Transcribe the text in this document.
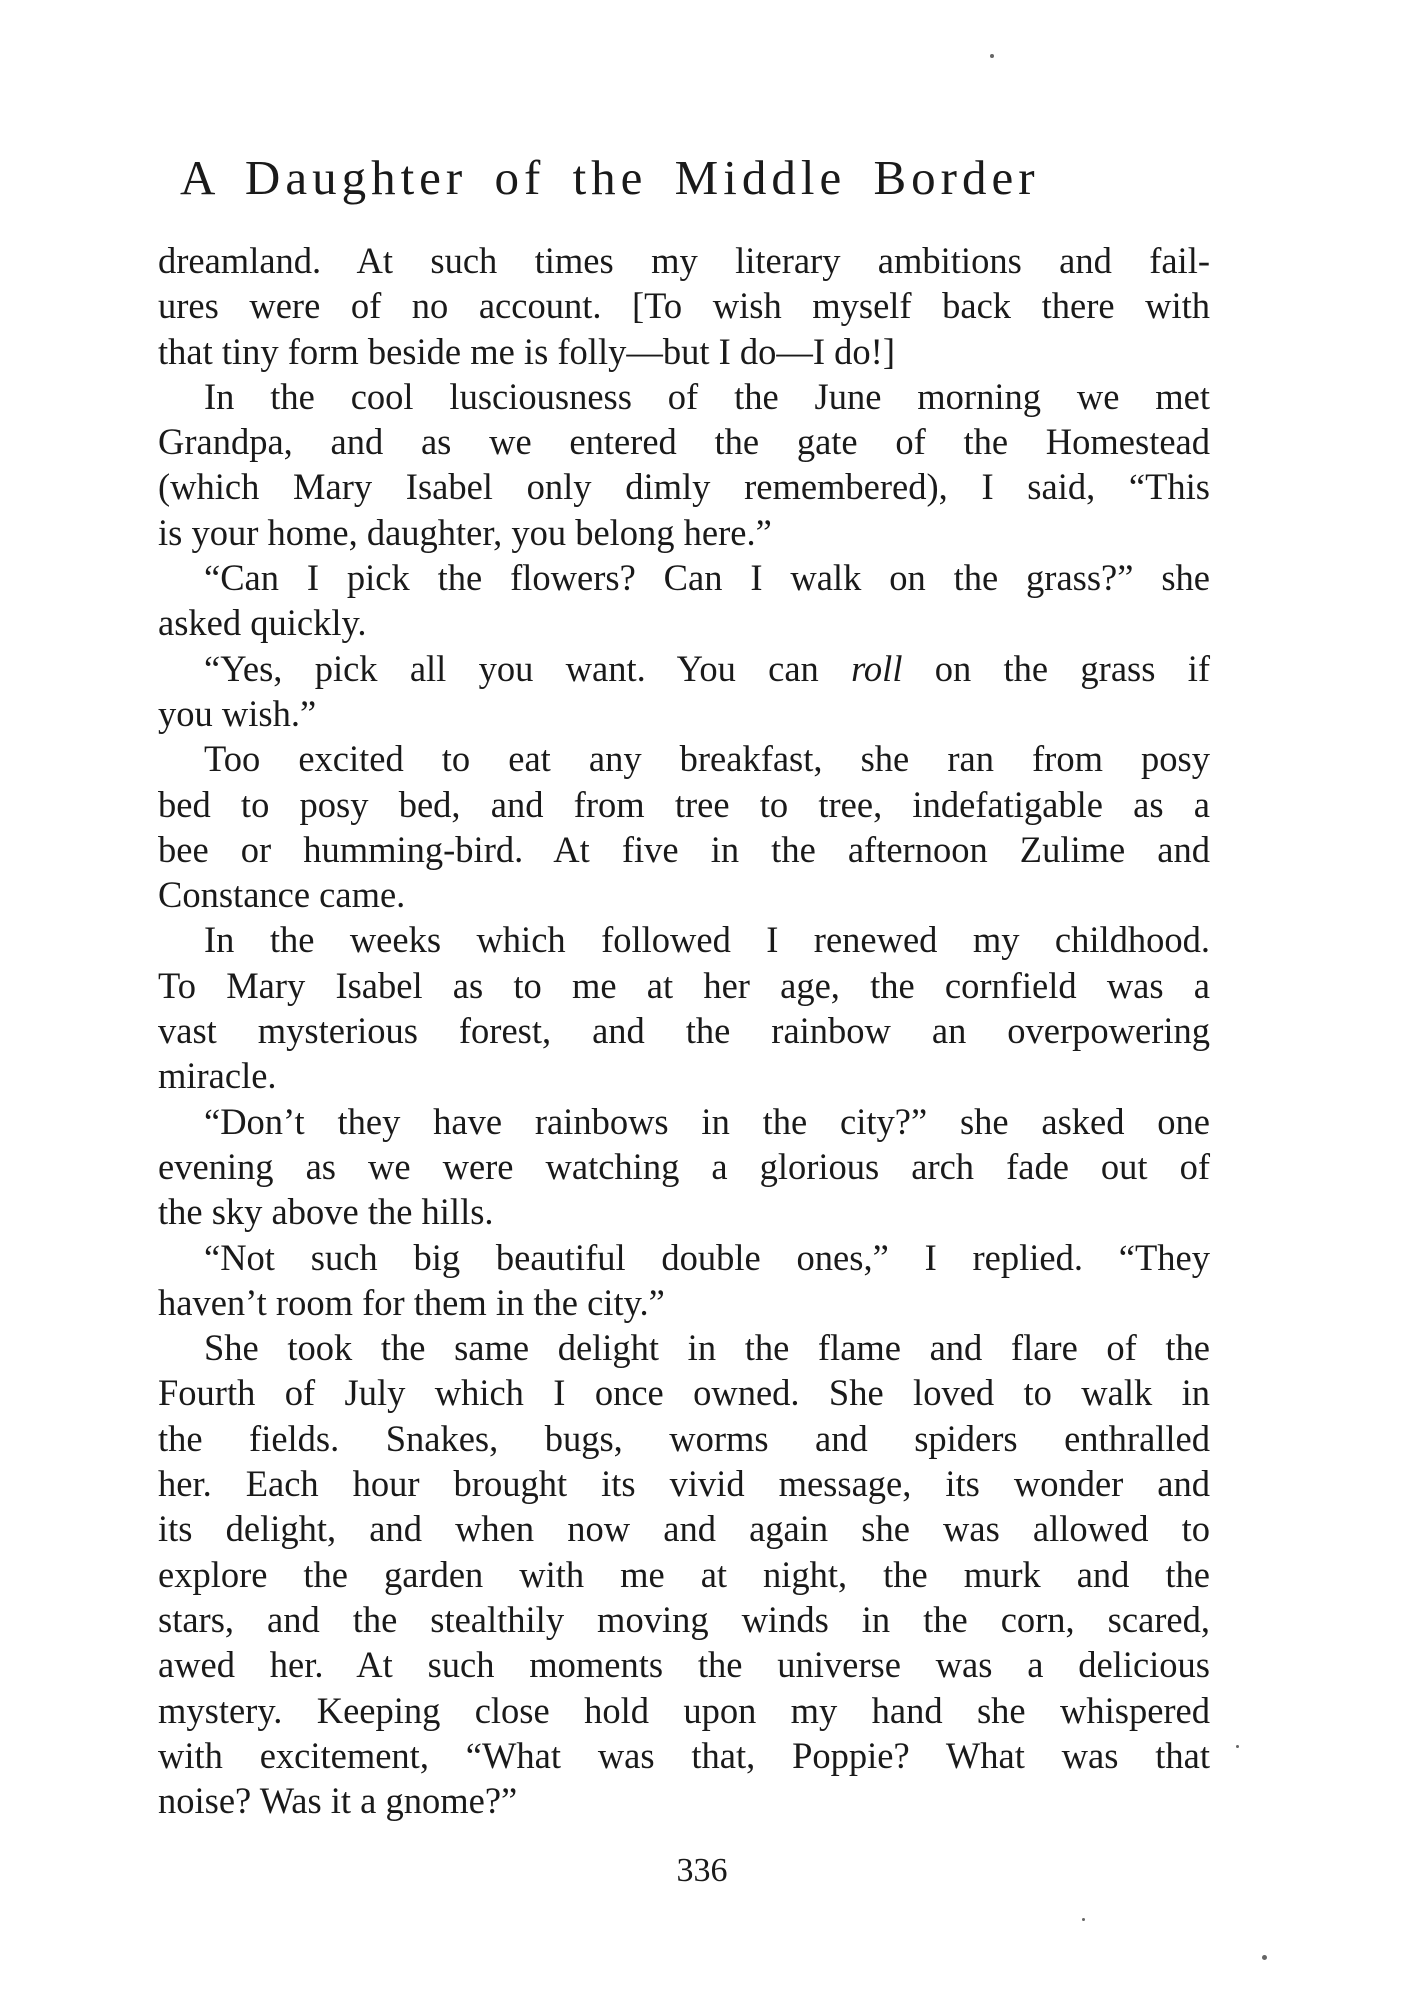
A Daughter of the Middle Border
dreamland. At such times my literary ambitions and fail-
ures were of no account. [To wish myself back there with
that tiny form beside me is folly—but I do—I do!]
In the cool lusciousness of the June morning we met
Grandpa, and as we entered the gate of the Homestead
(which Mary Isabel only dimly remembered), I said, “This
is your home, daughter, you belong here.”
“Can I pick the flowers? Can I walk on the grass?” she
asked quickly.
“Yes, pick all you want. You can roll on the grass if
you wish.”
Too excited to eat any breakfast, she ran from posy
bed to posy bed, and from tree to tree, indefatigable as a
bee or humming-bird. At five in the afternoon Zulime and
Constance came.
In the weeks which followed I renewed my childhood.
To Mary Isabel as to me at her age, the cornfield was a
vast mysterious forest, and the rainbow an overpowering
miracle.
“Don’t they have rainbows in the city?” she asked one
evening as we were watching a glorious arch fade out of
the sky above the hills.
“Not such big beautiful double ones,” I replied. “They
haven’t room for them in the city.”
She took the same delight in the flame and flare of the
Fourth of July which I once owned. She loved to walk in
the fields. Snakes, bugs, worms and spiders enthralled
her. Each hour brought its vivid message, its wonder and
its delight, and when now and again she was allowed to
explore the garden with me at night, the murk and the
stars, and the stealthily moving winds in the corn, scared,
awed her. At such moments the universe was a delicious
mystery. Keeping close hold upon my hand she whispered
with excitement, “What was that, Poppie? What was that
noise? Was it a gnome?”
336
